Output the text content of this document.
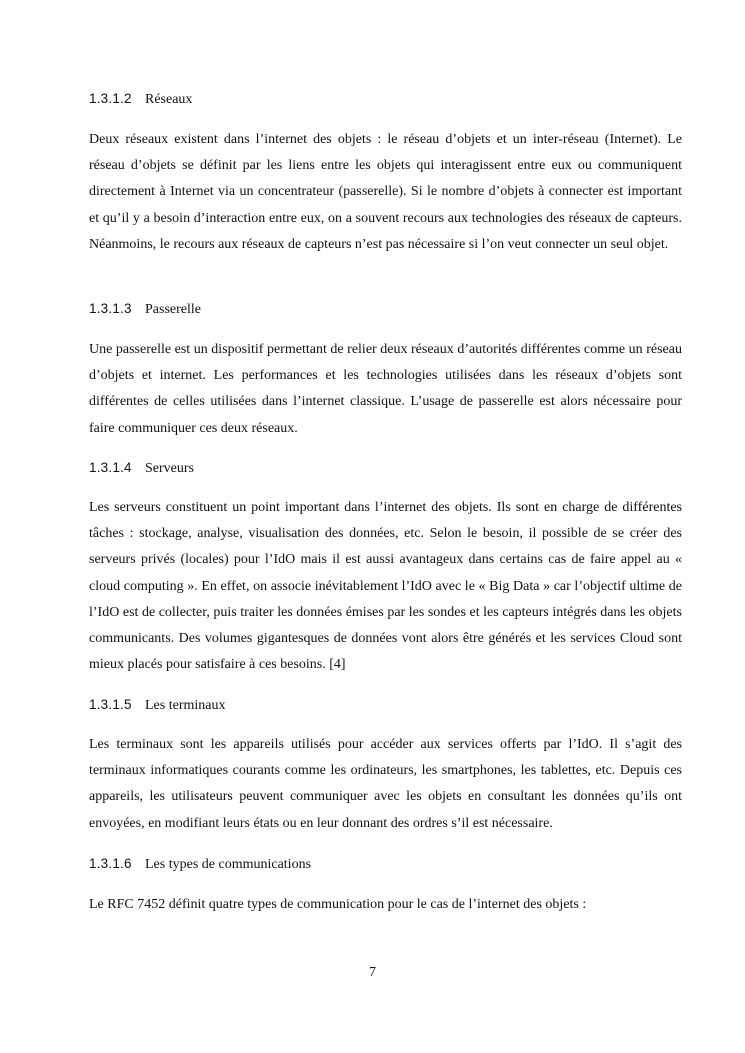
1.3.1.2 Réseaux

Deux réseaux existent dans l’internet des objets : le réseau d’objets et un inter-réseau (Internet). Le réseau d’objets se définit par les liens entre les objets qui interagissent entre eux ou communiquent directement à Internet via un concentrateur (passerelle). Si le nombre d’objets à connecter est important et qu’il y a besoin d’interaction entre eux, on a souvent recours aux technologies des réseaux de capteurs. Néanmoins, le recours aux réseaux de capteurs n’est pas nécessaire si l’on veut connecter un seul objet.

1.3.1.3 Passerelle

Une passerelle est un dispositif permettant de relier deux réseaux d’autorités différentes comme un réseau d’objets et internet. Les performances et les technologies utilisées dans les réseaux d’objets sont différentes de celles utilisées dans l’internet classique. L’usage de passerelle est alors nécessaire pour faire communiquer ces deux réseaux.

1.3.1.4 Serveurs

Les serveurs constituent un point important dans l’internet des objets. Ils sont en charge de différentes tâches : stockage, analyse, visualisation des données, etc. Selon le besoin, il possible de se créer des serveurs privés (locales) pour l’IdO mais il est aussi avantageux dans certains cas de faire appel au « cloud computing ». En effet, on associe inévitablement l’IdO avec le « Big Data » car l’objectif ultime de l’IdO est de collecter, puis traiter les données émises par les sondes et les capteurs intégrés dans les objets communicants. Des volumes gigantesques de données vont alors être générés et les services Cloud sont mieux placés pour satisfaire à ces besoins. [4]

1.3.1.5 Les terminaux

Les terminaux sont les appareils utilisés pour accéder aux services offerts par l’IdO. Il s’agit des terminaux informatiques courants comme les ordinateurs, les smartphones, les tablettes, etc. Depuis ces appareils, les utilisateurs peuvent communiquer avec les objets en consultant les données qu’ils ont envoyées, en modifiant leurs états ou en leur donnant des ordres s’il est nécessaire.

1.3.1.6 Les types de communications

Le RFC 7452 définit quatre types de communication pour le cas de l’internet des objets :

7
